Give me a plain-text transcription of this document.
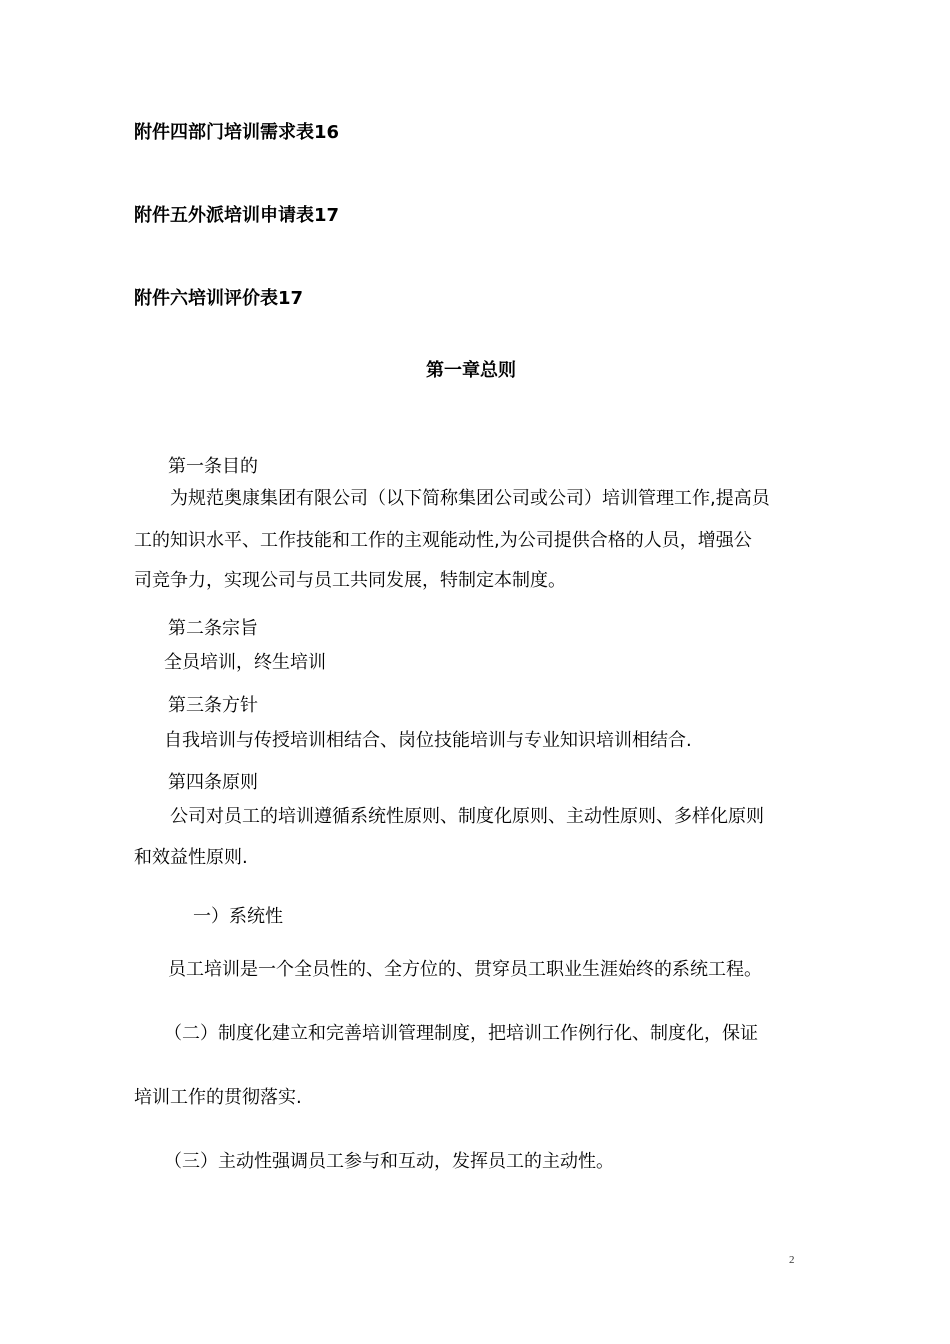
附件四部门培训需求表16
附件五外派培训申请表17
附件六培训评价表17
第一章总则
第一条目的
为规范奥康集团有限公司（以下简称集团公司或公司）培训管理工作,提高员
工的知识水平、工作技能和工作的主观能动性,为公司提供合格的人员，增强公
司竞争力，实现公司与员工共同发展，特制定本制度。
第二条宗旨
全员培训，终生培训
第三条方针
自我培训与传授培训相结合、岗位技能培训与专业知识培训相结合.
第四条原则
公司对员工的培训遵循系统性原则、制度化原则、主动性原则、多样化原则
和效益性原则.
一）系统性
员工培训是一个全员性的、全方位的、贯穿员工职业生涯始终的系统工程。
（二）制度化建立和完善培训管理制度，把培训工作例行化、制度化，保证
培训工作的贯彻落实.
（三）主动性强调员工参与和互动，发挥员工的主动性。
2
